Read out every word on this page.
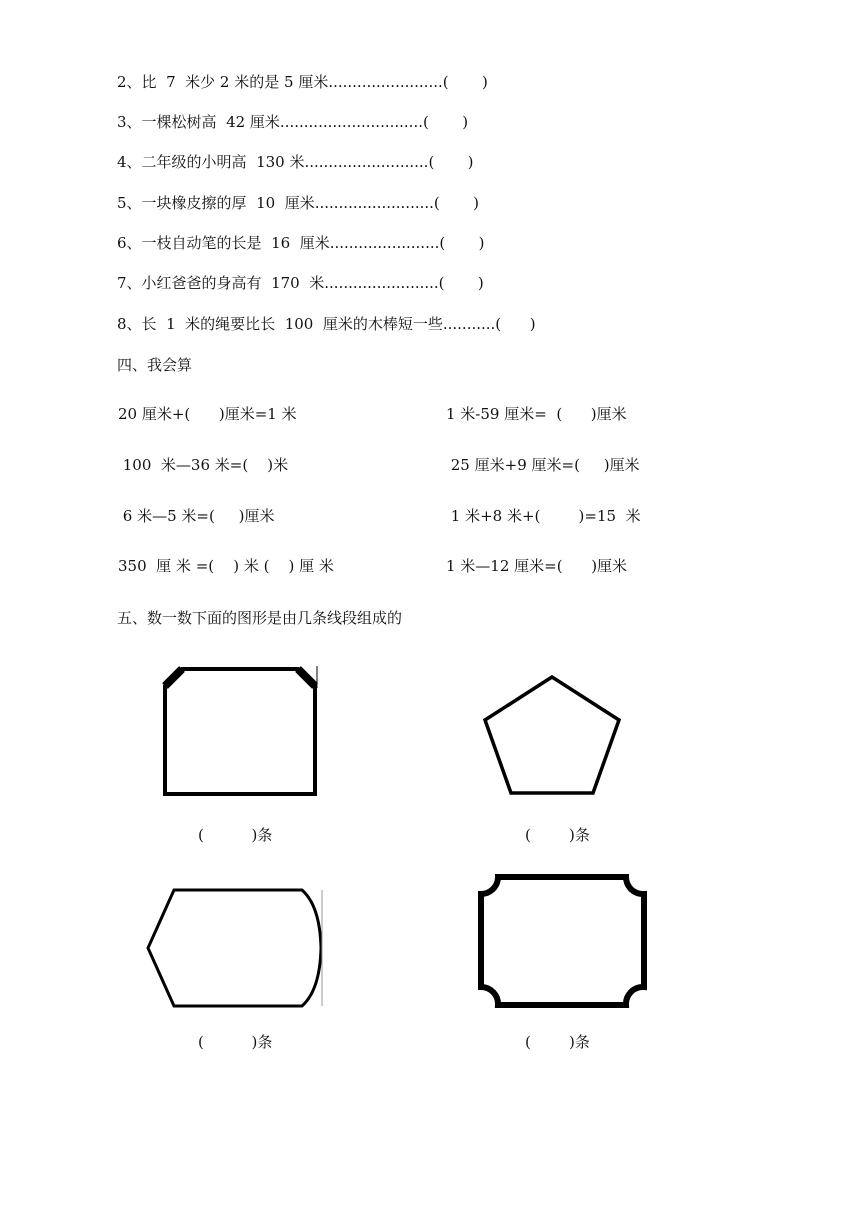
2、比  7  米少 2 米的是 5 厘米........................(       )
3、一棵松树高  42 厘米..............................(       )
4、二年级的小明高  130 米..........................(       )
5、一块橡皮擦的厚  10  厘米.........................(       )
6、一枝自动笔的长是  16  厘米.......................(       )
7、小红爸爸的身高有  170  米........................(       )
8、长  1  米的绳要比长  100  厘米的木棒短一些...........(      )
四、我会算
20 厘米+(      )厘米=1 米	1 米-59 厘米=  (      )厘米
100  米—36 米=(    )米	25 厘米+9 厘米=(     )厘米
6 米—5 米=(     )厘米	1 米+8 米+(        )=15  米
350  厘 米 =(    ) 米 (    ) 厘 米	1 米—12 厘米=(      )厘米
五、数一数下面的图形是由几条线段组成的
(          )条	(        )条
(          )条	(        )条
